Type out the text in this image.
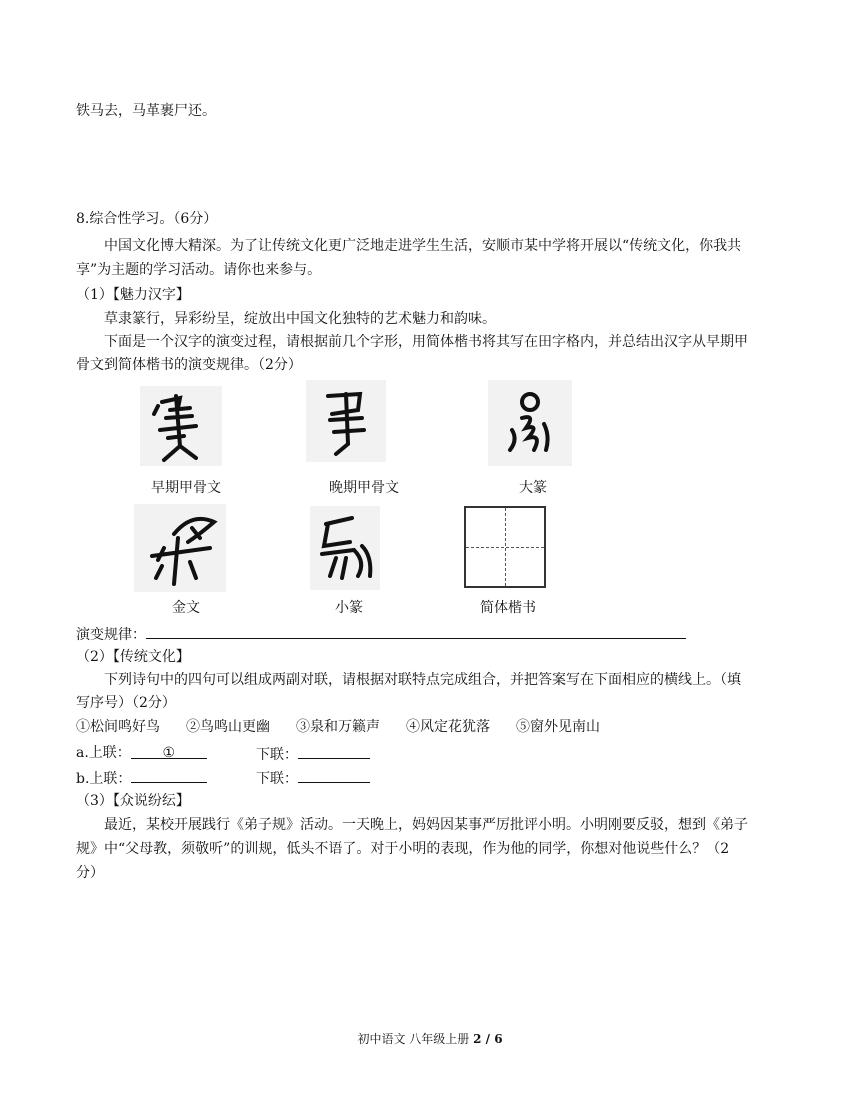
铁马去，马革裹尸还。
8.综合性学习。（6分）
中国文化博大精深。为了让传统文化更广泛地走进学生生活，安顺市某中学将开展以“传统文化，你我共
享”为主题的学习活动。请你也来参与。
（1）【魅力汉字】
草隶篆行，异彩纷呈，绽放出中国文化独特的艺术魅力和韵味。
下面是一个汉字的演变过程，请根据前几个字形，用简体楷书将其写在田字格内，并总结出汉字从早期甲
骨文到简体楷书的演变规律。（2分）
早期甲骨文	晚期甲骨文	大篆
金文	小篆	简体楷书
演变规律：
（2）【传统文化】
下列诗句中的四句可以组成两副对联，请根据对联特点完成组合，并把答案写在下面相应的横线上。（填
写序号）（2分）
①松间鸣好鸟 ②鸟鸣山更幽 ③泉和万籁声 ④风定花犹落 ⑤窗外见南山
a.上联： ①	下联：
b.上联：	下联：
（3）【众说纷纭】
最近，某校开展践行《弟子规》活动。一天晚上，妈妈因某事严厉批评小明。小明刚要反驳，想到《弟子
规》中“父母教，须敬听”的训规，低头不语了。对于小明的表现，作为他的同学，你想对他说些什么？（2
分）
初中语文 八年级上册 2 / 6
